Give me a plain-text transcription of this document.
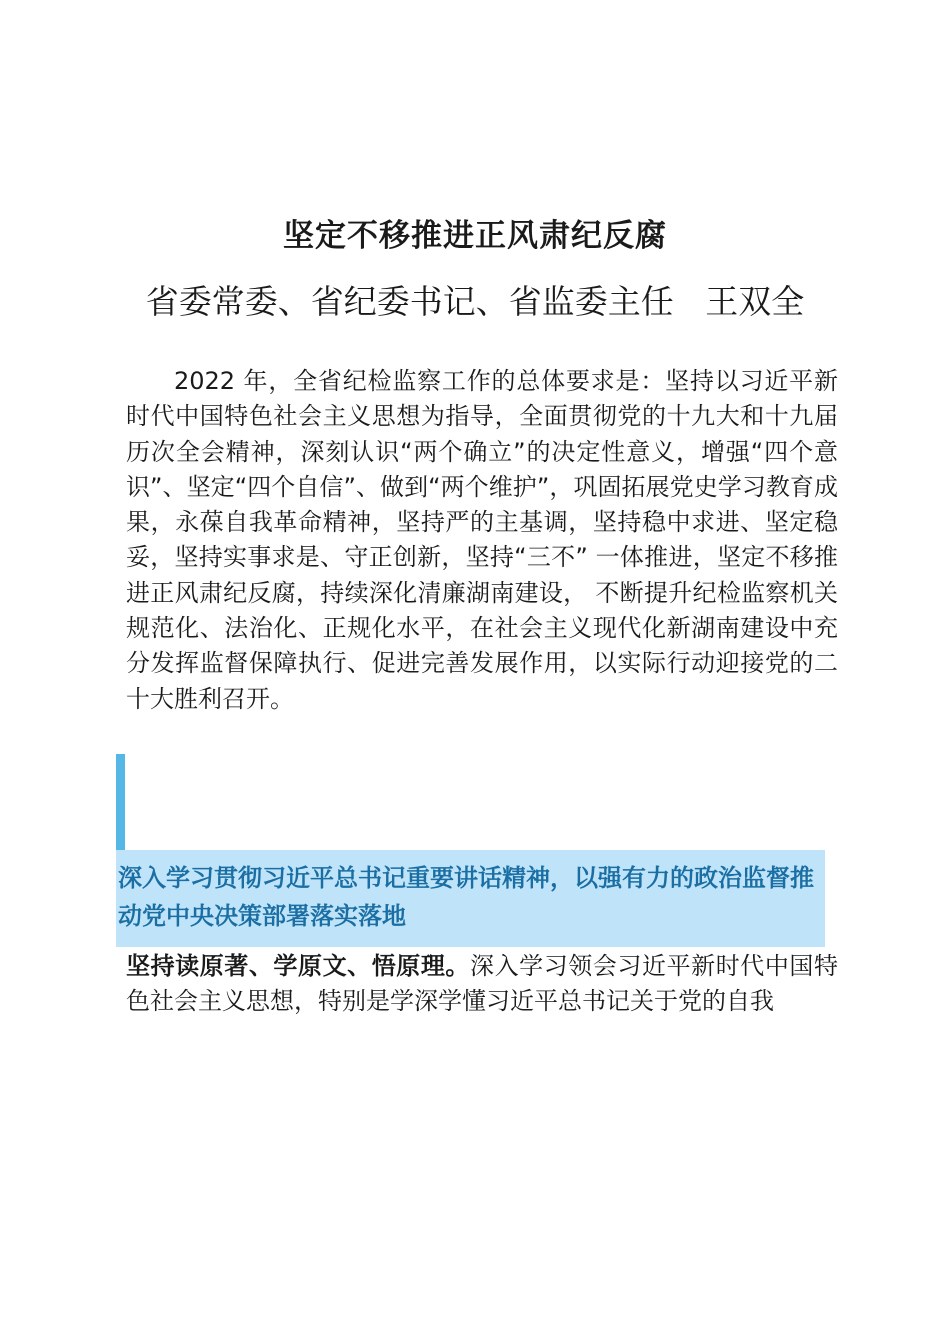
坚定不移推进正风肃纪反腐
省委常委、省纪委书记、省监委主任   王双全

2022 年，全省纪检监察工作的总体要求是：坚持以习近平新时代中国特色社会主义思想为指导，全面贯彻党的十九大和十九届历次全会精神，深刻认识“两个确立”的决定性意义，增强“四个意识”、坚定“四个自信”、做到“两个维护”，巩固拓展党史学习教育成果，永葆自我革命精神，坚持严的主基调，坚持稳中求进、坚定稳妥，坚持实事求是、守正创新，坚持“三不” 一体推进，坚定不移推进正风肃纪反腐，持续深化清廉湖南建设， 不断提升纪检监察机关规范化、法治化、正规化水平，在社会主义现代化新湖南建设中充分发挥监督保障执行、促进完善发展作用，以实际行动迎接党的二十大胜利召开。

深入学习贯彻习近平总书记重要讲话精神，以强有力的政治监督推动党中央决策部署落实落地

坚持读原著、学原文、悟原理。深入学习领会习近平新时代中国特色社会主义思想，特别是学深学懂习近平总书记关于党的自我
